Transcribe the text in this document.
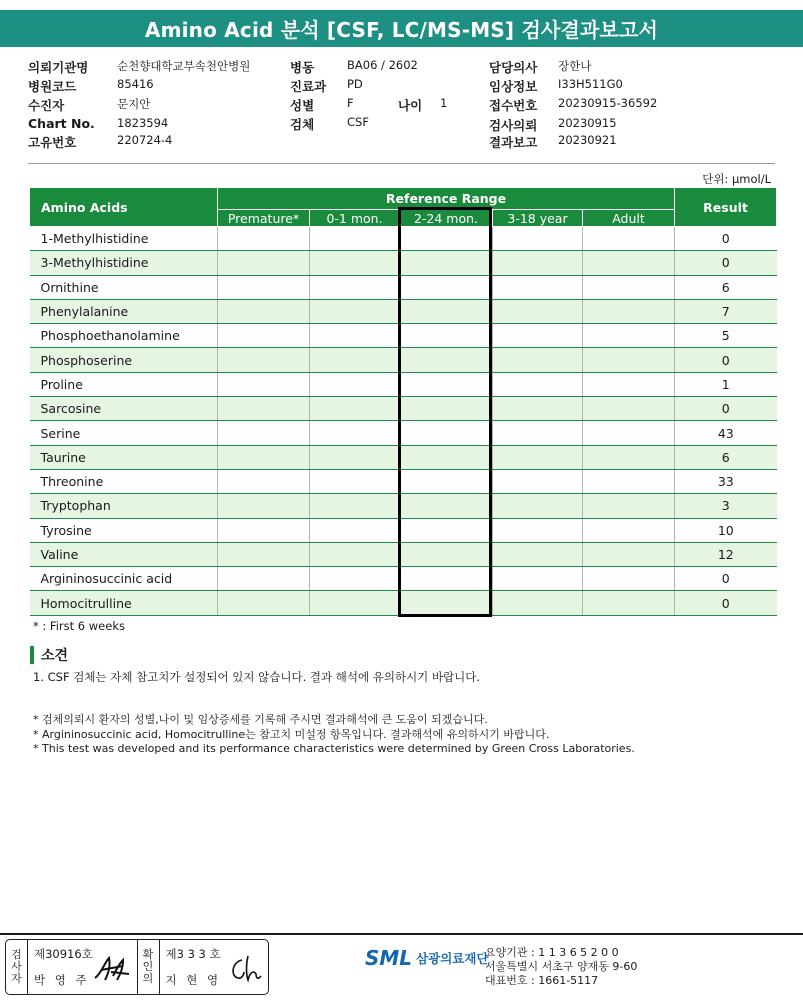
Amino Acid 분석 [CSF, LC/MS-MS] 검사결과보고서
의뢰기관명 순천향대학교부속천안병원
병원코드	85416
수진자	문지안
Chart No. 1823594
고유번호	220724-4
병동	BA06 / 2602
진료과 PD
성별	F	나이 1
검체	CSF
담당의사 장한나
임상정보 I33H511G0
접수번호 20230915-36592
검사의뢰 20230915
결과보고 20230921
단위: μmol/L
Amino Acids	Reference Range					Result
	Premature*	0-1 mon.	2-24 mon.	3-18 year	Adult	
1-Methylhistidine						0
3-Methylhistidine						0
Ornithine						6
Phenylalanine						7
Phosphoethanolamine						5
Phosphoserine						0
Proline						1
Sarcosine						0
Serine						43
Taurine						6
Threonine						33
Tryptophan						3
Tyrosine						10
Valine						12
Argininosuccinic acid						0
Homocitrulline						0
* : First 6 weeks
소견
1. CSF 검체는 자체 참고치가 설정되어 있지 않습니다. 결과 해석에 유의하시기 바랍니다.
* 검체의뢰시 환자의 성별,나이 및 임상증세를 기록해 주시면 결과해석에 큰 도움이 되겠습니다.
* Argininosuccinic acid, Homocitrulline는 참고치 미설정 항목입니다. 결과해석에 유의하시기 바랍니다.
* This test was developed and its performance characteristics were determined by Green Cross Laboratories.
검
사
자
제30916호
박 영 주
확
인
의
제3 3 3 호
지 현 영
SML 삼광의료재단
요양기관 : 1 1 3 6 5 2 0 0
서울특별시 서초구 양재동 9-60
대표번호 : 1661-5117
